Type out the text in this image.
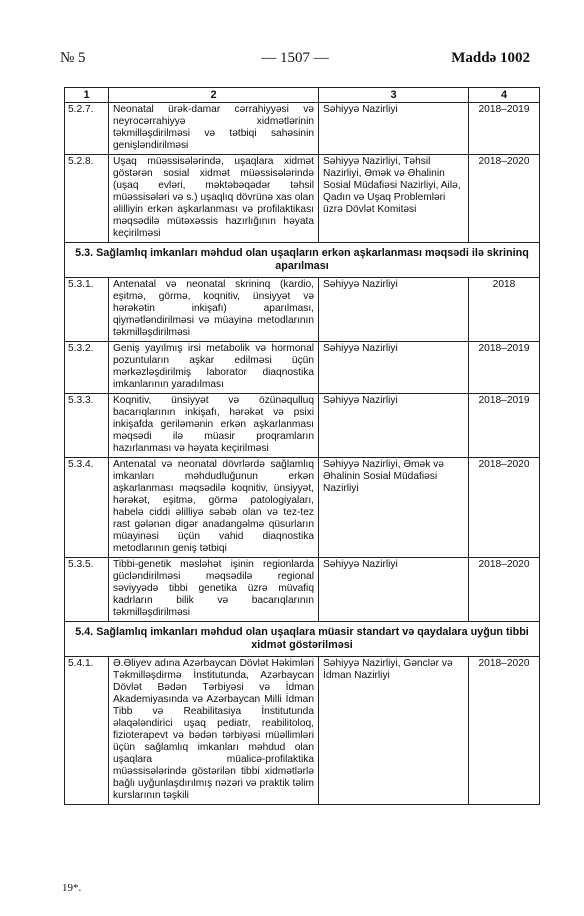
№ 5	— 1507 —	Maddə 1002
1	2	3	4
5.2.7.	Neonatal ürək-damar cərrahiyyəsi və neyrocərrahiyyə xidmətlərinin təkmilləşdirilməsi və tətbiqi sahəsinin genişləndirilməsi	Səhiyyə Nazirliyi	2018–2019
5.2.8.	Uşaq müəssisələrində, uşaqlara xidmət göstərən sosial xidmət müəssisələrində (uşaq evləri, məktəbəqədər təhsil müəssisələri və s.) uşaqlıq dövrünə xas olan əlilliyin erkən aşkarlanması və profilaktikası məqsədilə mütəxəssis hazırlığının həyata keçirilməsi	Səhiyyə Nazirliyi, Təhsil Nazirliyi, Əmək və Əhalinin Sosial Müdafiəsi Nazirliyi, Ailə, Qadın və Uşaq Problemləri üzrə Dövlət Komitəsi	2018–2020
5.3. Sağlamlıq imkanları məhdud olan uşaqların erkən aşkarlanması məqsədi ilə skrininq aparılması			
5.3.1.	Antenatal və neonatal skrininq (kardio, eşitmə, görmə, koqnitiv, ünsiyyət və hərəkətin inkişafı) aparılması, qiymətləndirilməsi və müayinə metodlarının təkmilləşdirilməsi	Səhiyyə Nazirliyi	2018
5.3.2.	Geniş yayılmış irsi metabolik və hormonal pozuntuların aşkar edilməsi üçün mərkəzləşdirilmiş laborator diaqnostika imkanlarının yaradılması	Səhiyyə Nazirliyi	2018–2019
5.3.3.	Koqnitiv, ünsiyyət və özünəqulluq bacarıqlarının inkişafı, hərəkət və psixi inkişafda geriləmənin erkən aşkarlanması məqsədi ilə müasir proqramların hazırlanması və həyata keçirilməsi	Səhiyyə Nazirliyi	2018–2019
5.3.4.	Antenatal və neonatal dövrlərdə sağlamlıq imkanları məhdudluğunun erkən aşkarlanması məqsədilə koqnitiv, ünsiyyət, hərəkət, eşitmə, görmə patologiyaları, habelə ciddi əlilliyə səbəb olan və tez-tez rast gələnən digər anadangəlmə qüsurların müayinəsi üçün vahid diaqnostika metodlarının geniş tətbiqi	Səhiyyə Nazirliyi, Əmək və Əhalinin Sosial Müdafiəsi Nazirliyi	2018–2020
5.3.5.	Tibbi-genetik məsləhət işinin regionlarda gücləndirilməsi məqsədilə regional səviyyədə tibbi genetika üzrə müvafiq kadrların bilik və bacarıqlarının təkmilləşdirilməsi	Səhiyyə Nazirliyi	2018–2020
5.4. Sağlamlıq imkanları məhdud olan uşaqlara müasir standart və qaydalara uyğun tibbi xidmət göstərilməsi			
5.4.1.	Ə.Əliyev adına Azərbaycan Dövlət Həkimləri Təkmilləşdirmə İnstitutunda, Azərbaycan Dövlət Bədən Tərbiyəsi və İdman Akademiyasında və Azərbaycan Milli İdman Tibb və Reabilitasiya İnstitutunda əlaqələndirici uşaq pediatr, reabilitoloq, fizioterapevt və bədən tərbiyəsi müəllimləri üçün sağlamlıq imkanları məhdud olan uşaqlara müalicə-profilaktika müəssisələrində göstərilən tibbi xidmətlərlə bağlı uyğunlaşdırılmış nəzəri və praktik təlim kurslarının təşkili	Səhiyyə Nazirliyi, Gənclər və İdman Nazirliyi	2018–2020
19*.
